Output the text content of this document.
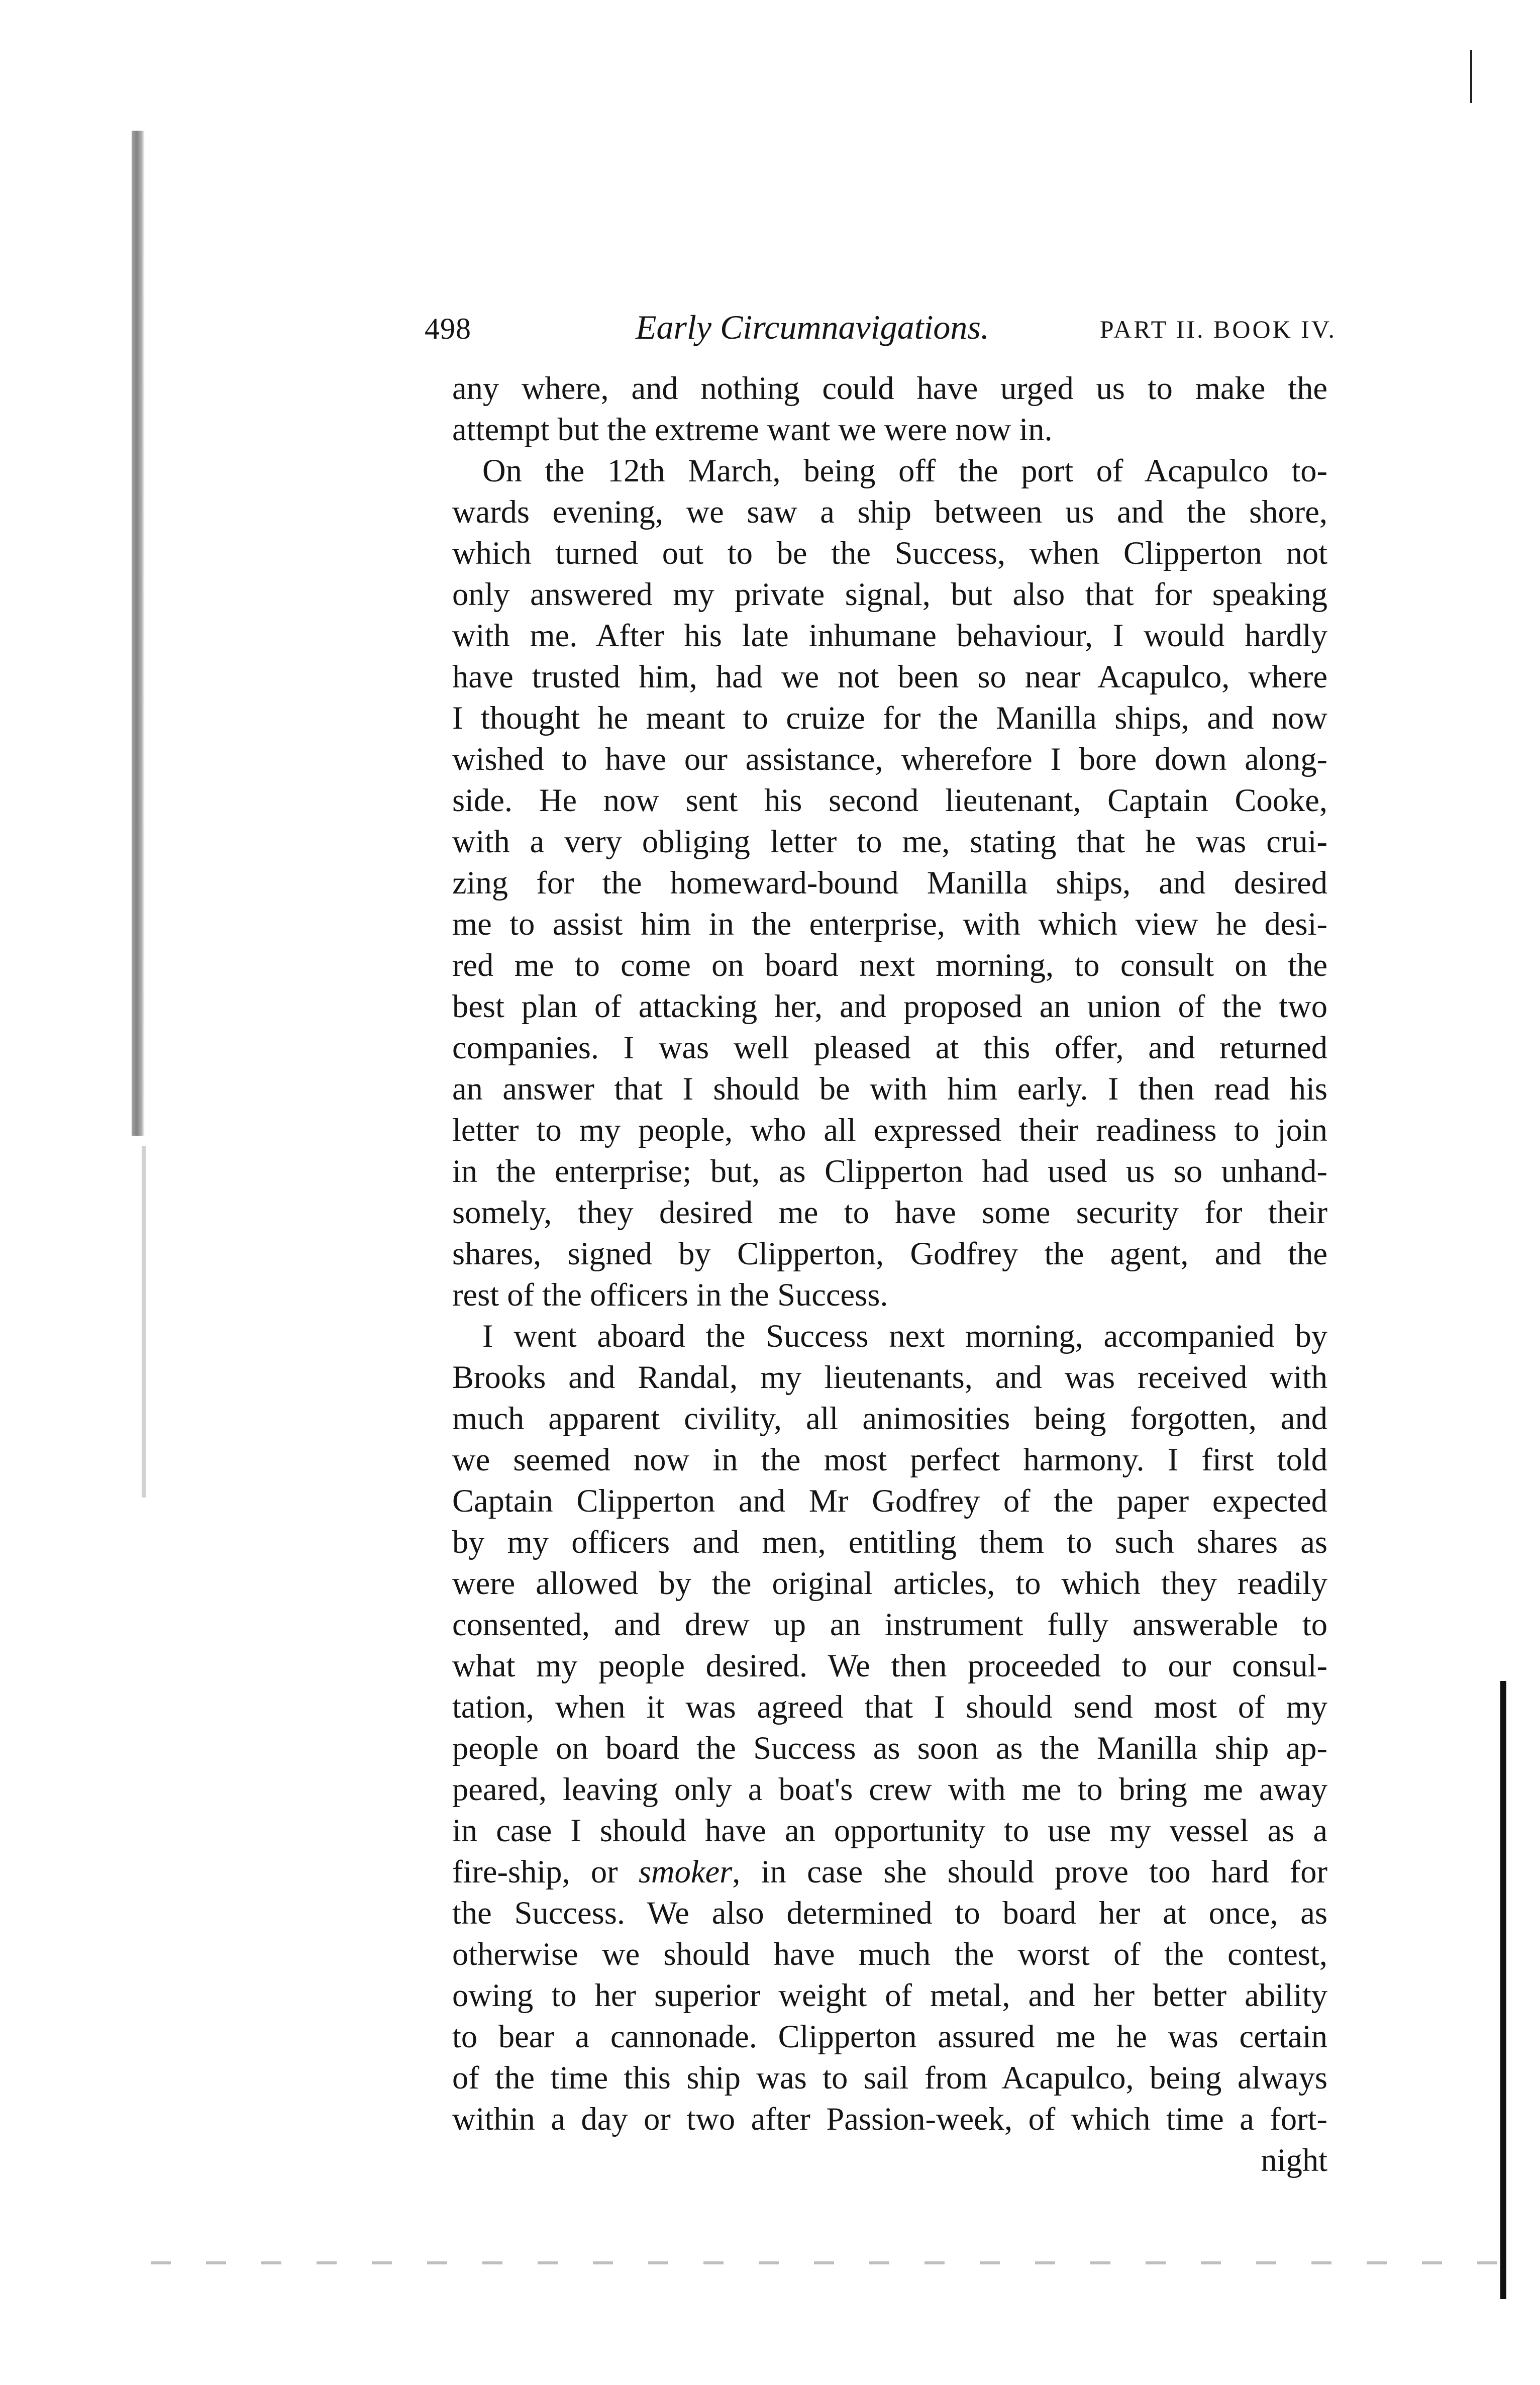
498	Early Circumnavigations.	PART II. BOOK IV.
any where, and nothing could have urged us to make the
attempt but the extreme want we were now in.
On the 12th March, being off the port of Acapulco to-
wards evening, we saw a ship between us and the shore,
which turned out to be the Success, when Clipperton not
only answered my private signal, but also that for speaking
with me. After his late inhumane behaviour, I would hardly
have trusted him, had we not been so near Acapulco, where
I thought he meant to cruize for the Manilla ships, and now
wished to have our assistance, wherefore I bore down along-
side. He now sent his second lieutenant, Captain Cooke,
with a very obliging letter to me, stating that he was crui-
zing for the homeward-bound Manilla ships, and desired
me to assist him in the enterprise, with which view he desi-
red me to come on board next morning, to consult on the
best plan of attacking her, and proposed an union of the two
companies. I was well pleased at this offer, and returned
an answer that I should be with him early. I then read his
letter to my people, who all expressed their readiness to join
in the enterprise; but, as Clipperton had used us so unhand-
somely, they desired me to have some security for their
shares, signed by Clipperton, Godfrey the agent, and the
rest of the officers in the Success.
I went aboard the Success next morning, accompanied by
Brooks and Randal, my lieutenants, and was received with
much apparent civility, all animosities being forgotten, and
we seemed now in the most perfect harmony. I first told
Captain Clipperton and Mr Godfrey of the paper expected
by my officers and men, entitling them to such shares as
were allowed by the original articles, to which they readily
consented, and drew up an instrument fully answerable to
what my people desired. We then proceeded to our consul-
tation, when it was agreed that I should send most of my
people on board the Success as soon as the Manilla ship ap-
peared, leaving only a boat's crew with me to bring me away
in case I should have an opportunity to use my vessel as a
fire-ship, or smoker, in case she should prove too hard for
the Success. We also determined to board her at once, as
otherwise we should have much the worst of the contest,
owing to her superior weight of metal, and her better ability
to bear a cannonade. Clipperton assured me he was certain
of the time this ship was to sail from Acapulco, being always
within a day or two after Passion-week, of which time a fort-
night
